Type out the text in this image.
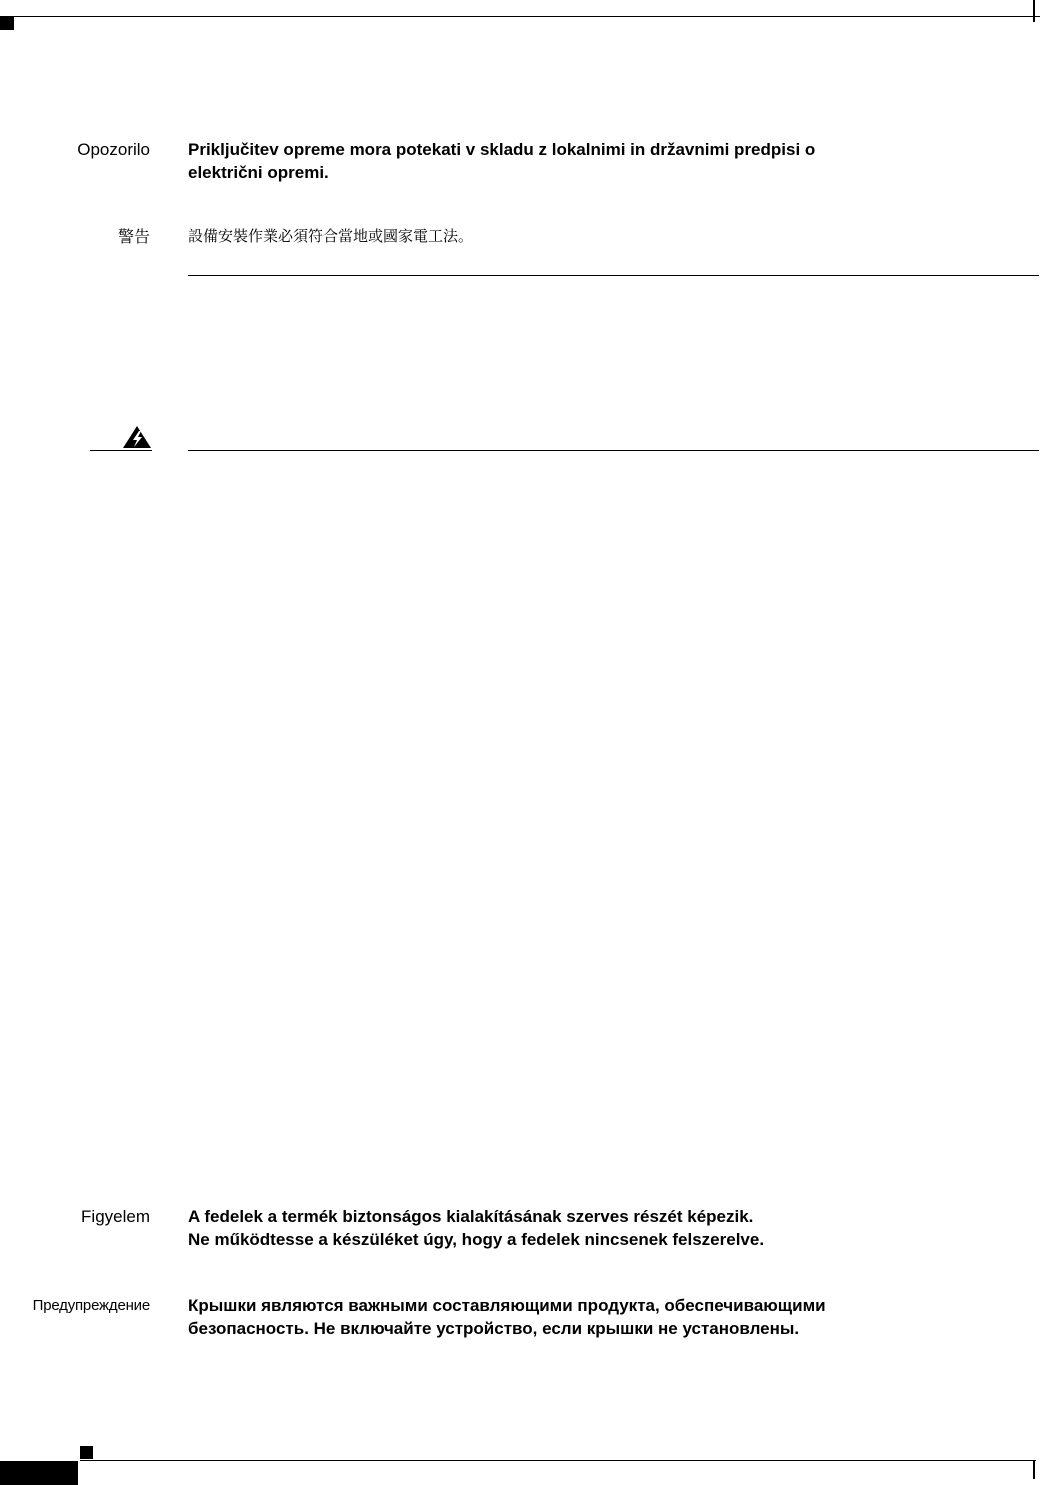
Opozorilo Priključitev opreme mora potekati v skladu z lokalnimi in državnimi predpisi o
električni opremi.
警告	設備安裝作業必須符合當地或國家電工法。
Figyelem A fedelek a termék biztonságos kialakításának szerves részét képezik.
Ne működtesse a készüléket úgy, hogy a fedelek nincsenek felszerelve.
Предупреждение Крышки являются важными составляющими продукта, обеспечивающими
безопасность. Не включайте устройство, если крышки не установлены.
